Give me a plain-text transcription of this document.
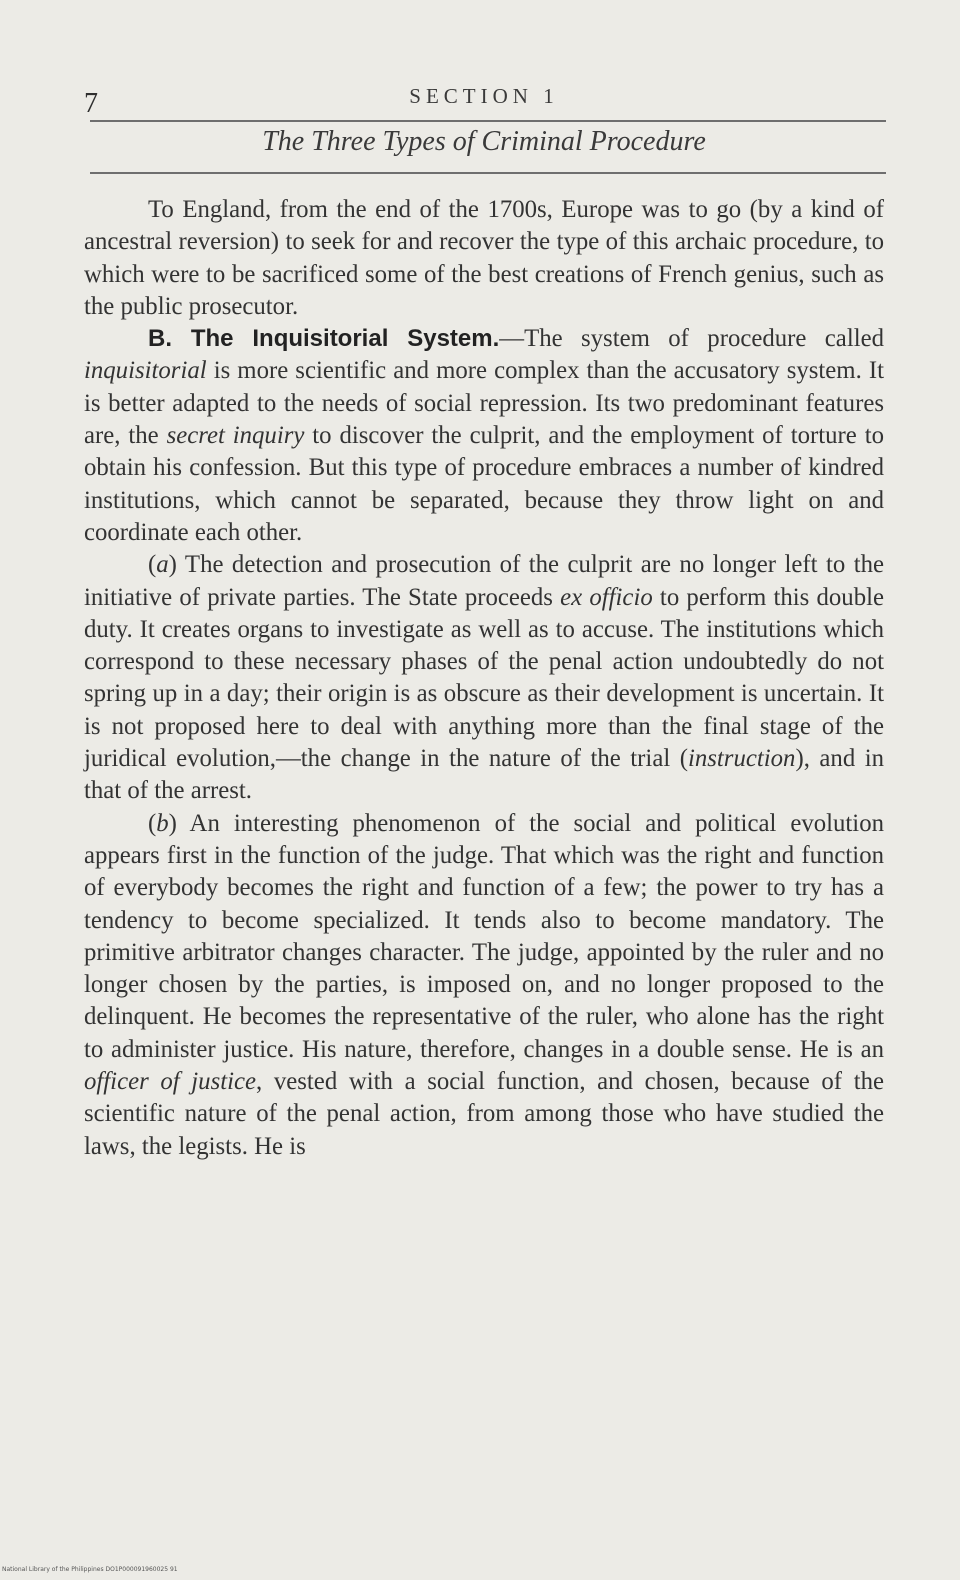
7	SECTION 1
The Three Types of Criminal Procedure

To England, from the end of the 1700s, Europe was to go (by a kind of ancestral reversion) to seek for and recover the type of this archaic procedure, to which were to be sacrificed some of the best creations of French genius, such as the public prosecutor.

B. The Inquisitorial System.—The system of procedure called inquisitorial is more scientific and more complex than the accusatory system. It is better adapted to the needs of social repression. Its two predominant features are, the secret inquiry to discover the culprit, and the employment of torture to obtain his confession. But this type of procedure embraces a number of kindred institutions, which cannot be separated, because they throw light on and coordinate each other.

(a) The detection and prosecution of the culprit are no longer left to the initiative of private parties. The State proceeds ex officio to perform this double duty. It creates organs to investigate as well as to accuse. The institutions which correspond to these necessary phases of the penal action undoubtedly do not spring up in a day; their origin is as obscure as their development is uncertain. It is not proposed here to deal with anything more than the final stage of the juridical evolution,—the change in the nature of the trial (instruction), and in that of the arrest.

(b) An interesting phenomenon of the social and political evolution appears first in the function of the judge. That which was the right and function of everybody becomes the right and function of a few; the power to try has a tendency to become specialized. It tends also to become mandatory. The primitive arbitrator changes character. The judge, appointed by the ruler and no longer chosen by the parties, is imposed on, and no longer proposed to the delinquent. He becomes the representative of the ruler, who alone has the right to administer justice. His nature, therefore, changes in a double sense. He is an officer of justice, vested with a social function, and chosen, because of the scientific nature of the penal action, from among those who have studied the laws, the legists. He is

National Library of the Philippines DO1P000091960025 91
